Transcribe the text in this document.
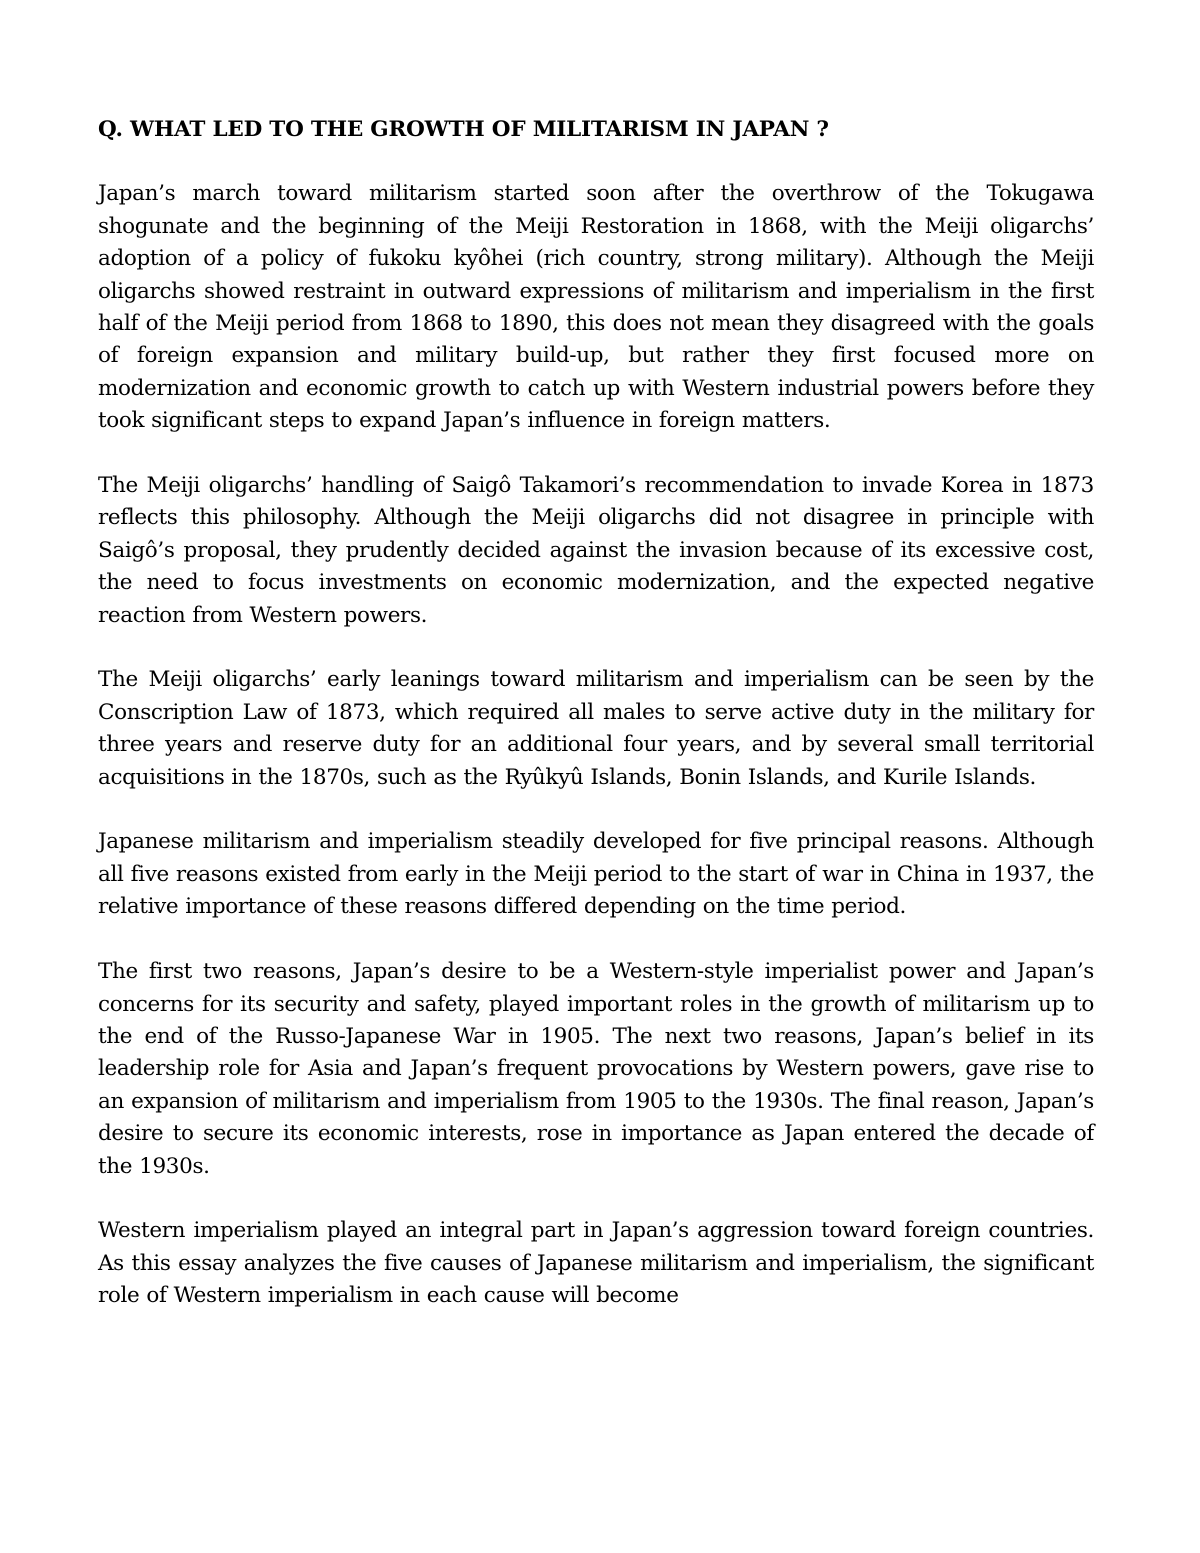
Q. WHAT LED TO THE GROWTH OF MILITARISM IN JAPAN ?

Japan’s march toward militarism started soon after the overthrow of the Tokugawa shogunate and the beginning of the Meiji Restoration in 1868, with the Meiji oligarchs’ adoption of a policy of fukoku kyôhei (rich country, strong military). Although the Meiji oligarchs showed restraint in outward expressions of militarism and imperialism in the first half of the Meiji period from 1868 to 1890, this does not mean they disagreed with the goals of foreign expansion and military build-up, but rather they first focused more on modernization and economic growth to catch up with Western industrial powers before they took significant steps to expand Japan’s influence in foreign matters.

The Meiji oligarchs’ handling of Saigô Takamori’s recommendation to invade Korea in 1873 reflects this philosophy. Although the Meiji oligarchs did not disagree in principle with Saigô’s proposal, they prudently decided against the invasion because of its excessive cost, the need to focus investments on economic modernization, and the expected negative reaction from Western powers.

The Meiji oligarchs’ early leanings toward militarism and imperialism can be seen by the Conscription Law of 1873, which required all males to serve active duty in the military for three years and reserve duty for an additional four years, and by several small territorial acquisitions in the 1870s, such as the Ryûkyû Islands, Bonin Islands, and Kurile Islands.

Japanese militarism and imperialism steadily developed for five principal reasons. Although all five reasons existed from early in the Meiji period to the start of war in China in 1937, the relative importance of these reasons differed depending on the time period.

The first two reasons, Japan’s desire to be a Western-style imperialist power and Japan’s concerns for its security and safety, played important roles in the growth of militarism up to the end of the Russo-Japanese War in 1905. The next two reasons, Japan’s belief in its leadership role for Asia and Japan’s frequent provocations by Western powers, gave rise to an expansion of militarism and imperialism from 1905 to the 1930s. The final reason, Japan’s desire to secure its economic interests, rose in importance as Japan entered the decade of the 1930s.

Western imperialism played an integral part in Japan’s aggression toward foreign countries. As this essay analyzes the five causes of Japanese militarism and imperialism, the significant role of Western imperialism in each cause will become
